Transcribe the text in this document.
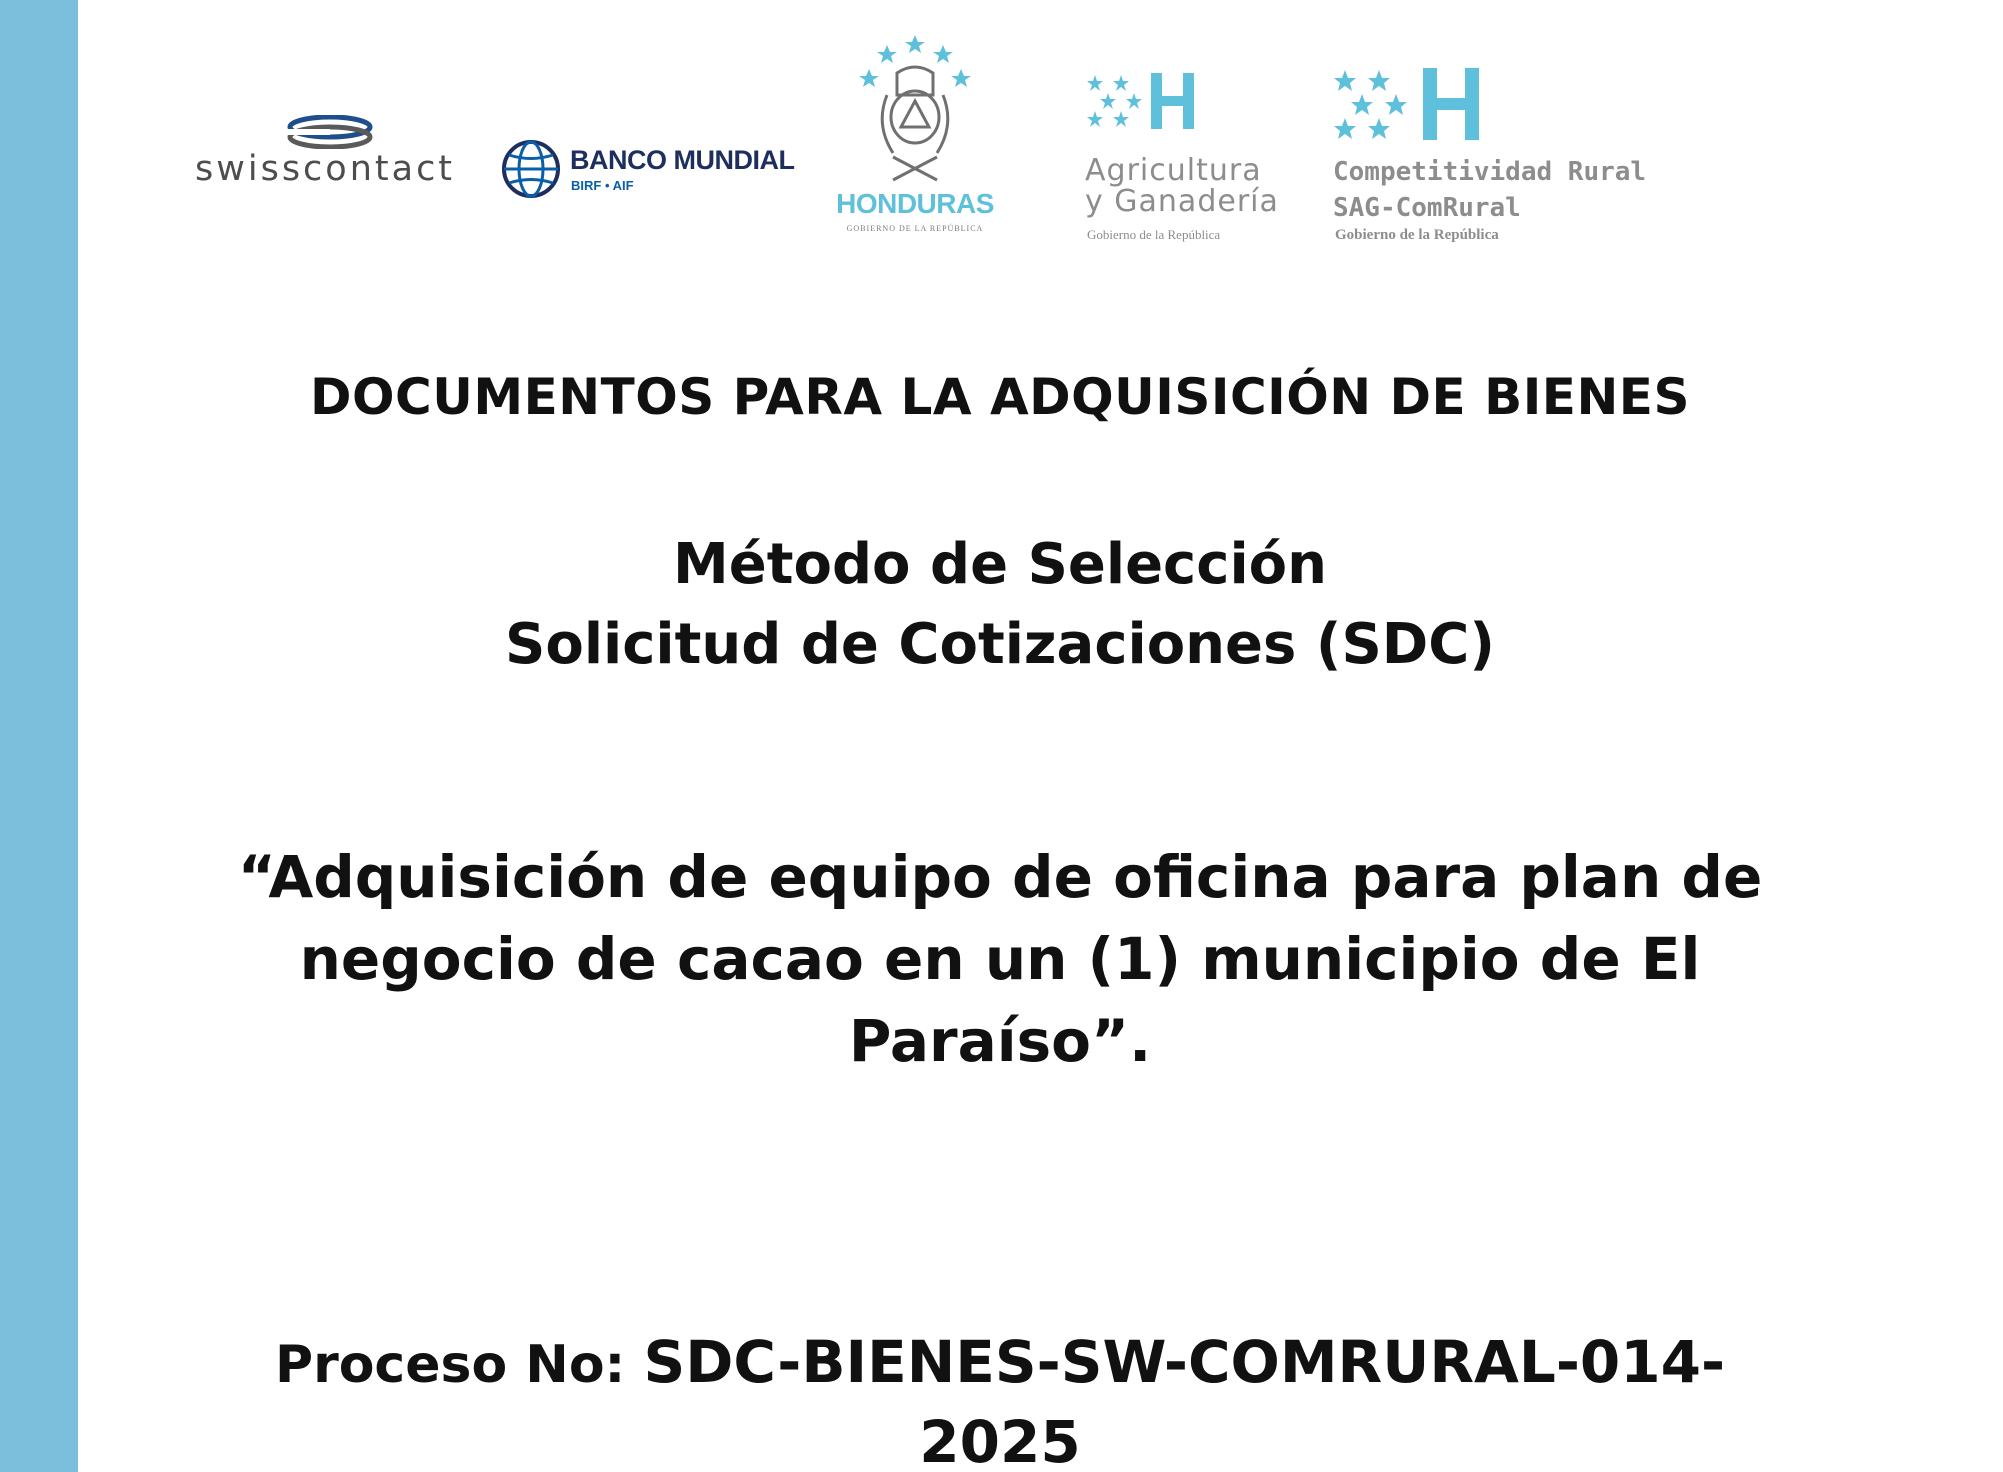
swisscontact	BANCO MUNDIAL
BIRF • AIF
HONDURAS
GOBIERNO DE LA REPÚBLICA
Agricultura
y Ganadería
Gobierno de la República
Competitividad Rural
SAG-ComRural
Gobierno de la República

DOCUMENTOS PARA LA ADQUISICIÓN DE BIENES

Método de Selección

Solicitud de Cotizaciones (SDC)

“Adquisición de equipo de oficina para plan de negocio de cacao en un (1) municipio de El Paraíso”.

Proceso No: SDC-BIENES-SW-COMRURAL-014-

2025
